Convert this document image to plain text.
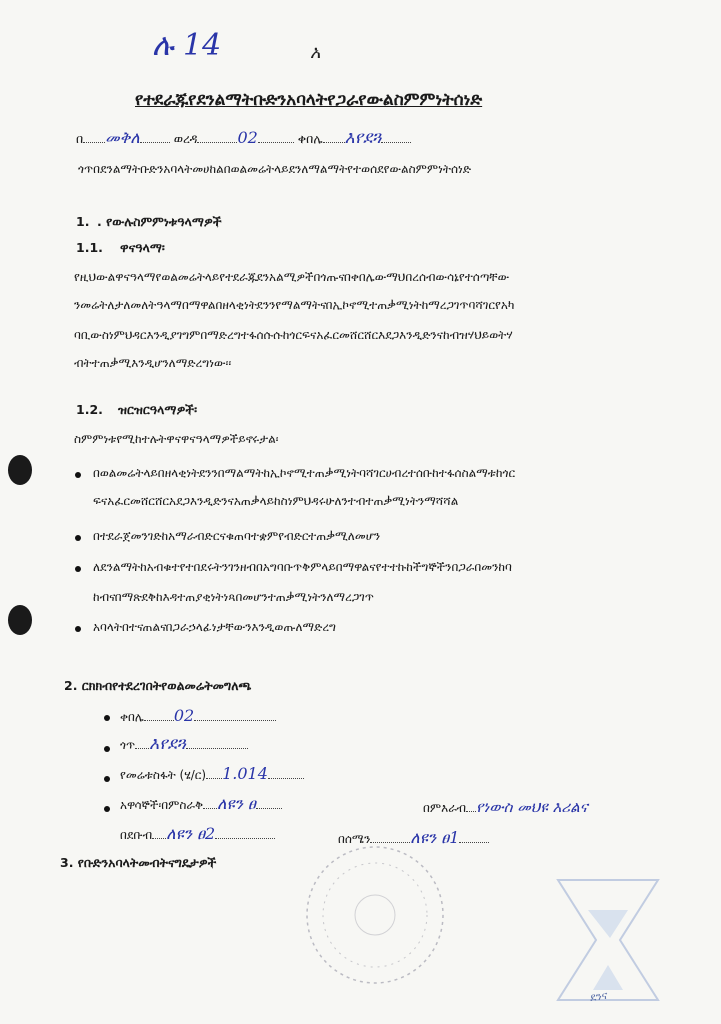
ሉ 14	አ
የተደራጁየደንልማትቡድንአባላትየጋራየውልስምምነትሰነድ
በ መቅለ	ወረዳ	02	ቀበሌ እየደጓ
ጎጥበደንልማትቡድንአባላትመሀከልበወልመሬትላይደንለማልማትየተወሰደየውልስምምነትሰነድ
1. . የውሉስምምነቱዓላማዎች
1.1. ዋናዓላማ፡
የዚህውልዋናዓላማየወልመሬትላይየተደራጁደንአልሚዎችበጎጡናበቀበሌውማህበረሰብውሳኔየተሰጣቸው
ንመሬትለታለመለትዓላማበማዋልበዘላቂነትደንንየማልማትናበኢኮኖሚተጠቃሚነትከማረጋገጥባሻገርየአካ
ባቢውስነምህዳርእንዲያገግምበማድረግተፋሰሱሱከጎርፍናአፈርመሸርሸርእደጋእንዲድንናከብዝሃህይወትሃ
ብትተጠቃሚእንዲሆንለማድረግነው፡፡
1.2. ዝርዝርዓላማዎች፡
ስምምነቱየሚከተሉትዋናዋናዓላማዎችይኖሩታል፡
በወልመሬትላይበዘላቂነትደንንበማልማትከኢኮኖሚተጠቃሚነትባሻገርሀብረተሰቡከተፋሰስልማቱከጎር
ፍናአፈርመሸርሸርአደጋእንዲድንናአጠቃላይከስነምህዳሩሁለንተብተጠቃሚነትንማሻሻል
በተደራጀመንገድከአማራብድርናቁጠባተቋምየብድርተጠቃሚለመሆን
ለደንልማትከአብቁተየተበደሩትንገንዘብበአግባቡጥቅምላይበማዋልናየተተኩከችግኞችንበጋራበመንከባ
ከብናበማጽደቅከእዳተጠያቂነትነጻበመሆንተጠቃሚነትንለማረጋገጥ
አባላትበተናጠልናበጋራኃላፊነታቸውንእንዲወጡለማድረግ
2. ርክክብየተደረገበትየወልመሬትመግለጫ
ቀበሌ 02
ጎጥ እየደጓ
የመሬቱስፋት (ሄ/ር) 1.014
አዋሳኞች፡በምስራቅ ለዩን ፀ	በምእራብ የነውስ መህዩ እሪልና
በደቡብ ለዩን ፀ2	በሰሜን	ለዩን ፀ1
3. የቡድንአባላትመብትናግዴታዎች
ደንና
